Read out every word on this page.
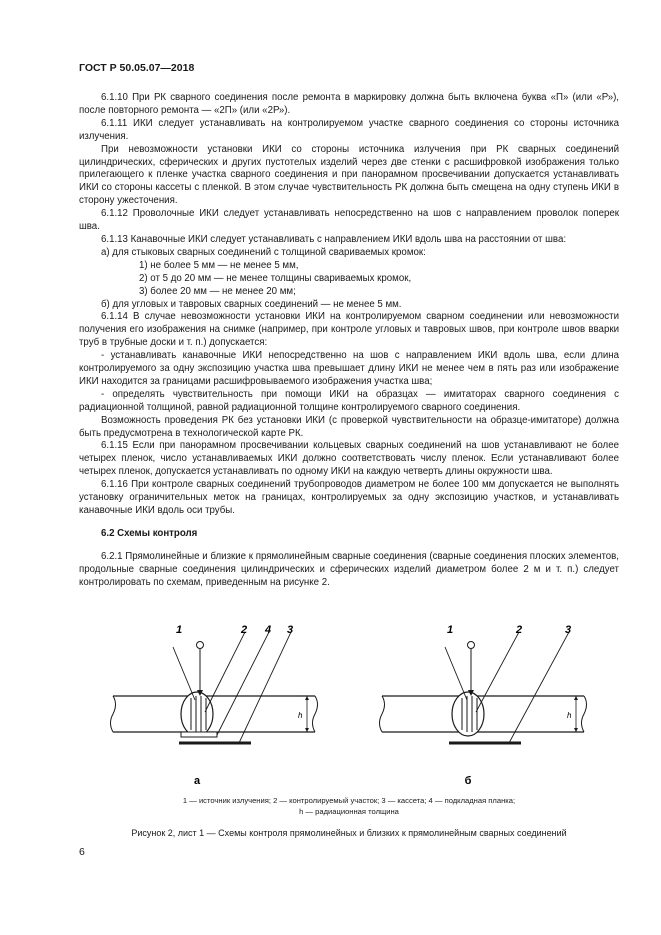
ГОСТ Р 50.05.07—2018

6.1.10 При РК сварного соединения после ремонта в маркировку должна быть включена буква «П» (или «Р»), после повторного ремонта — «2П» (или «2Р»).

6.1.11 ИКИ следует устанавливать на контролируемом участке сварного соединения со стороны источника излучения.

При невозможности установки ИКИ со стороны источника излучения при РК сварных соединений цилиндрических, сферических и других пустотелых изделий через две стенки с расшифровкой изображения только прилегающего к пленке участка сварного соединения и при панорамном просвечивании допускается устанавливать ИКИ со стороны кассеты с пленкой. В этом случае чувствительность РК должна быть смещена на одну ступень ИКИ в сторону ужесточения.

6.1.12 Проволочные ИКИ следует устанавливать непосредственно на шов с направлением проволок поперек шва.

6.1.13 Канавочные ИКИ следует устанавливать с направлением ИКИ вдоль шва на расстоянии от шва:

а) для стыковых сварных соединений с толщиной свариваемых кромок:

1) не более 5 мм — не менее 5 мм,

2) от 5 до 20 мм — не менее толщины свариваемых кромок,

3) более 20 мм — не менее 20 мм;

б) для угловых и тавровых сварных соединений — не менее 5 мм.

6.1.14 В случае невозможности установки ИКИ на контролируемом сварном соединении или невозможности получения его изображения на снимке (например, при контроле угловых и тавровых швов, при контроле швов вварки труб в трубные доски и т. п.) допускается:

- устанавливать канавочные ИКИ непосредственно на шов с направлением ИКИ вдоль шва, если длина контролируемого за одну экспозицию участка шва превышает длину ИКИ не менее чем в пять раз или изображение ИКИ находится за границами расшифровываемого изображения участка шва;

- определять чувствительность при помощи ИКИ на образцах — имитаторах сварного соединения с радиационной толщиной, равной радиационной толщине контролируемого сварного соединения.

Возможность проведения РК без установки ИКИ (с проверкой чувствительности на образце-имитаторе) должна быть предусмотрена в технологической карте РК.

6.1.15 Если при панорамном просвечивании кольцевых сварных соединений на шов устанавливают не более четырех пленок, число устанавливаемых ИКИ должно соответствовать числу пленок. Если устанавливают более четырех пленок, допускается устанавливать по одному ИКИ на каждую четверть длины окружности шва.

6.1.16 При контроле сварных соединений трубопроводов диаметром не более 100 мм допускается не выполнять установку ограничительных меток на границах, контролируемых за одну экспозицию участков, и устанавливать канавочные ИКИ вдоль оси трубы.

6.2 Схемы контроля

6.2.1 Прямолинейные и близкие к прямолинейным сварные соединения (сварные соединения плоских элементов, продольные сварные соединения цилиндрических и сферических изделий диаметром более 2 м и т. п.) следует контролировать по схемам, приведенным на рисунке 2.

1	2 4 3
h
а
1	2	3
h
б
1 — источник излучения; 2 — контролируемый участок; 3 — кассета; 4 — подкладная планка;
h — радиационная толщина
Рисунок 2, лист 1 — Схемы контроля прямолинейных и близких к прямолинейным сварных соединений
6
